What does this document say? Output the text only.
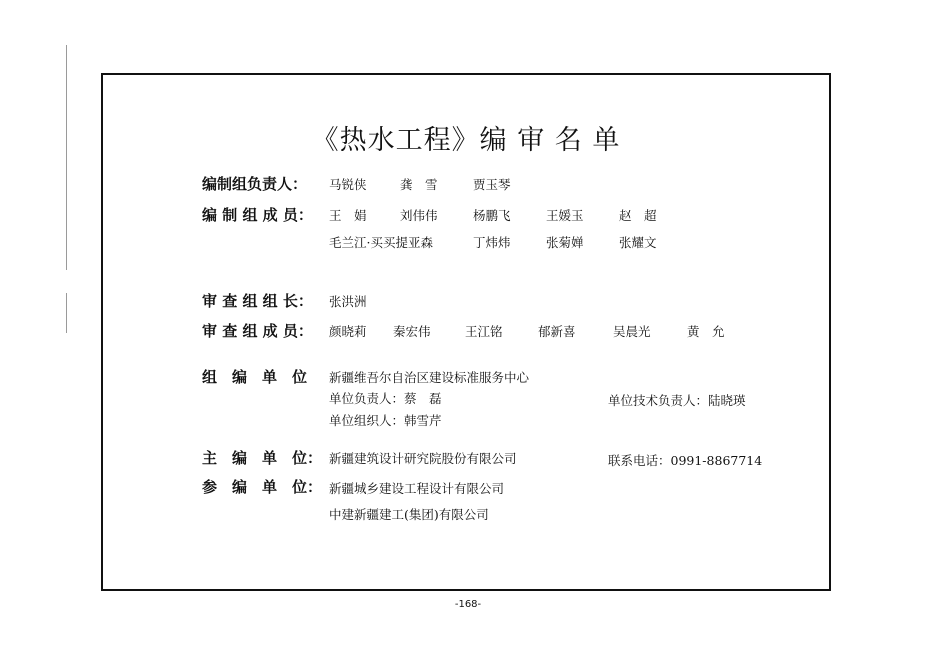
《热水工程》编 审 名 单
编制组负责人： 马锐侠	龚　雪	贾玉琴
编 制 组 成 员： 王　娟	刘伟伟	杨鹏飞	王媛玉	赵　超
毛兰江·买买提亚森	丁炜炜	张菊婵	张耀文
审 查 组 组 长： 张洪洲
审 查 组 成 员： 颜晓莉 秦宏伟	王江铭	郁新喜	吴晨光	黄　允
组　编　单　位 新疆维吾尔自治区建设标准服务中心
单位负责人：蔡　磊	单位技术负责人：陆晓瑛
单位组织人：韩雪芹
主　编　单　位： 新疆建筑设计研究院股份有限公司	联系电话：0991-8867714
参　编　单　位： 新疆城乡建设工程设计有限公司
中建新疆建工(集团)有限公司
-168-
